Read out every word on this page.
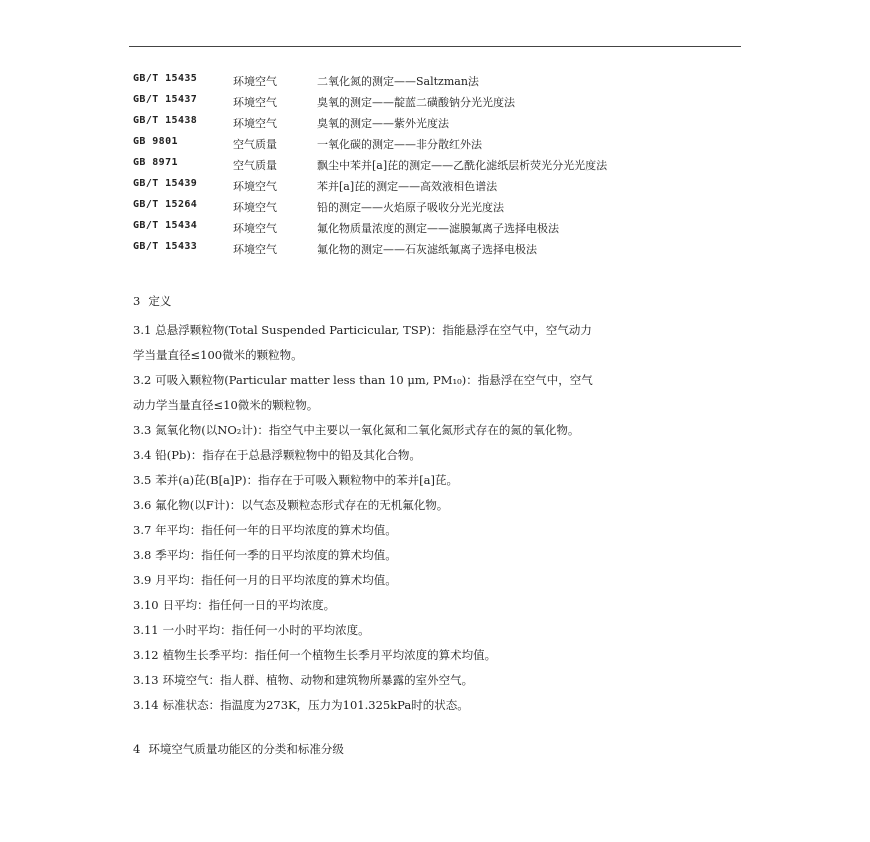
GB/T 15435	环境空气	二氧化氮的测定——Saltzman法
GB/T 15437	环境空气	臭氧的测定——靛蓝二磺酸钠分光光度法
GB/T 15438	环境空气	臭氧的测定——紫外光度法
GB 9801	空气质量	一氧化碳的测定——非分散红外法
GB 8971	空气质量	飘尘中苯并[a]芘的测定——乙酰化滤纸层析荧光分光光度法
GB/T 15439	环境空气	苯并[a]芘的测定——高效液相色谱法
GB/T 15264	环境空气	铅的测定——火焰原子吸收分光光度法
GB/T 15434	环境空气	氟化物质量浓度的测定——滤膜氟离子选择电极法
GB/T 15433	环境空气	氟化物的测定——石灰滤纸氟离子选择电极法
3 定义
3.1 总悬浮颗粒物(Total Suspended Particicular, TSP)：指能悬浮在空气中，空气动力
学当量直径≤100微米的颗粒物。
3.2 可吸入颗粒物(Particular matter less than 10 μm, PM₁₀)：指悬浮在空气中，空气
动力学当量直径≤10微米的颗粒物。
3.3 氮氧化物(以NO₂计)：指空气中主要以一氧化氮和二氧化氮形式存在的氮的氧化物。
3.4 铅(Pb)：指存在于总悬浮颗粒物中的铅及其化合物。
3.5 苯并(a)芘(B[a]P)：指存在于可吸入颗粒物中的苯并[a]芘。
3.6 氟化物(以F计)：以气态及颗粒态形式存在的无机氟化物。
3.7 年平均：指任何一年的日平均浓度的算术均值。
3.8 季平均：指任何一季的日平均浓度的算术均值。
3.9 月平均：指任何一月的日平均浓度的算术均值。
3.10 日平均：指任何一日的平均浓度。
3.11 一小时平均：指任何一小时的平均浓度。
3.12 植物生长季平均：指任何一个植物生长季月平均浓度的算术均值。
3.13 环境空气：指人群、植物、动物和建筑物所暴露的室外空气。
3.14 标准状态：指温度为273K，压力为101.325kPa时的状态。
4 环境空气质量功能区的分类和标准分级
